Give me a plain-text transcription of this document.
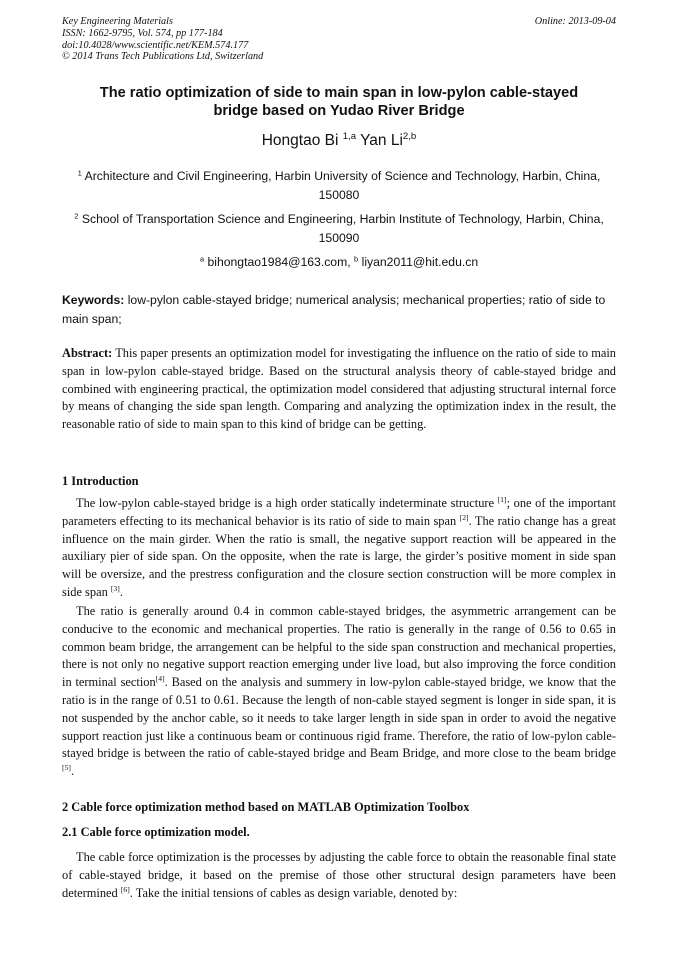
Key Engineering Materials
ISSN: 1662-9795, Vol. 574, pp 177-184
doi:10.4028/www.scientific.net/KEM.574.177
© 2014 Trans Tech Publications Ltd, Switzerland
Online: 2013-09-04
The ratio optimization of side to main span in low-pylon cable-stayed
bridge based on Yudao River Bridge
Hongtao Bi $^{1,a}$ Yan Li$^{2,b}$
$^1$ Architecture and Civil Engineering, Harbin University of Science and Technology, Harbin, China,
150080
$^2$ School of Transportation Science and Engineering, Harbin Institute of Technology, Harbin, China,
150090
$^a$ bihongtao1984@163.com, $^b$ liyan2011@hit.edu.cn
Keywords: low-pylon cable-stayed bridge; numerical analysis; mechanical properties; ratio of side to main span;
Abstract: This paper presents an optimization model for investigating the influence on the ratio of side to main span in low-pylon cable-stayed bridge. Based on the structural analysis theory of cable-stayed bridge and combined with engineering practical, the optimization model considered that adjusting structural internal force by means of changing the side span length. Comparing and analyzing the optimization index in the result, the reasonable ratio of side to main span to this kind of bridge can be getting.
1 Introduction
The low-pylon cable-stayed bridge is a high order statically indeterminate structure [1]; one of the important parameters effecting to its mechanical behavior is its ratio of side to main span [2]. The ratio change has a great influence on the main girder. When the ratio is small, the negative support reaction will be appeared in the auxiliary pier of side span. On the opposite, when the rate is large, the girder’s positive moment in side span will be oversize, and the prestress configuration and the closure section construction will be more complex in side span [3].
The ratio is generally around 0.4 in common cable-stayed bridges, the asymmetric arrangement can be conducive to the economic and mechanical properties. The ratio is generally in the range of 0.56 to 0.65 in common beam bridge, the arrangement can be helpful to the side span construction and mechanical properties, there is not only no negative support reaction emerging under live load, but also improving the force condition in terminal section[4]. Based on the analysis and summery in low-pylon cable-stayed bridge, we know that the ratio is in the range of 0.51 to 0.61. Because the length of non-cable stayed segment is longer in side span, it is not suspended by the anchor cable, so it needs to take larger length in side span in order to avoid the negative support reaction just like a continuous beam or continuous rigid frame. Therefore, the ratio of low-pylon cable-stayed bridge is between the ratio of cable-stayed bridge and Beam Bridge, and more close to the beam bridge [5].
2 Cable force optimization method based on MATLAB Optimization Toolbox
2.1 Cable force optimization model.
The cable force optimization is the processes by adjusting the cable force to obtain the reasonable final state of cable-stayed bridge, it based on the premise of those other structural design parameters have been determined [6]. Take the initial tensions of cables as design variable, denoted by:
